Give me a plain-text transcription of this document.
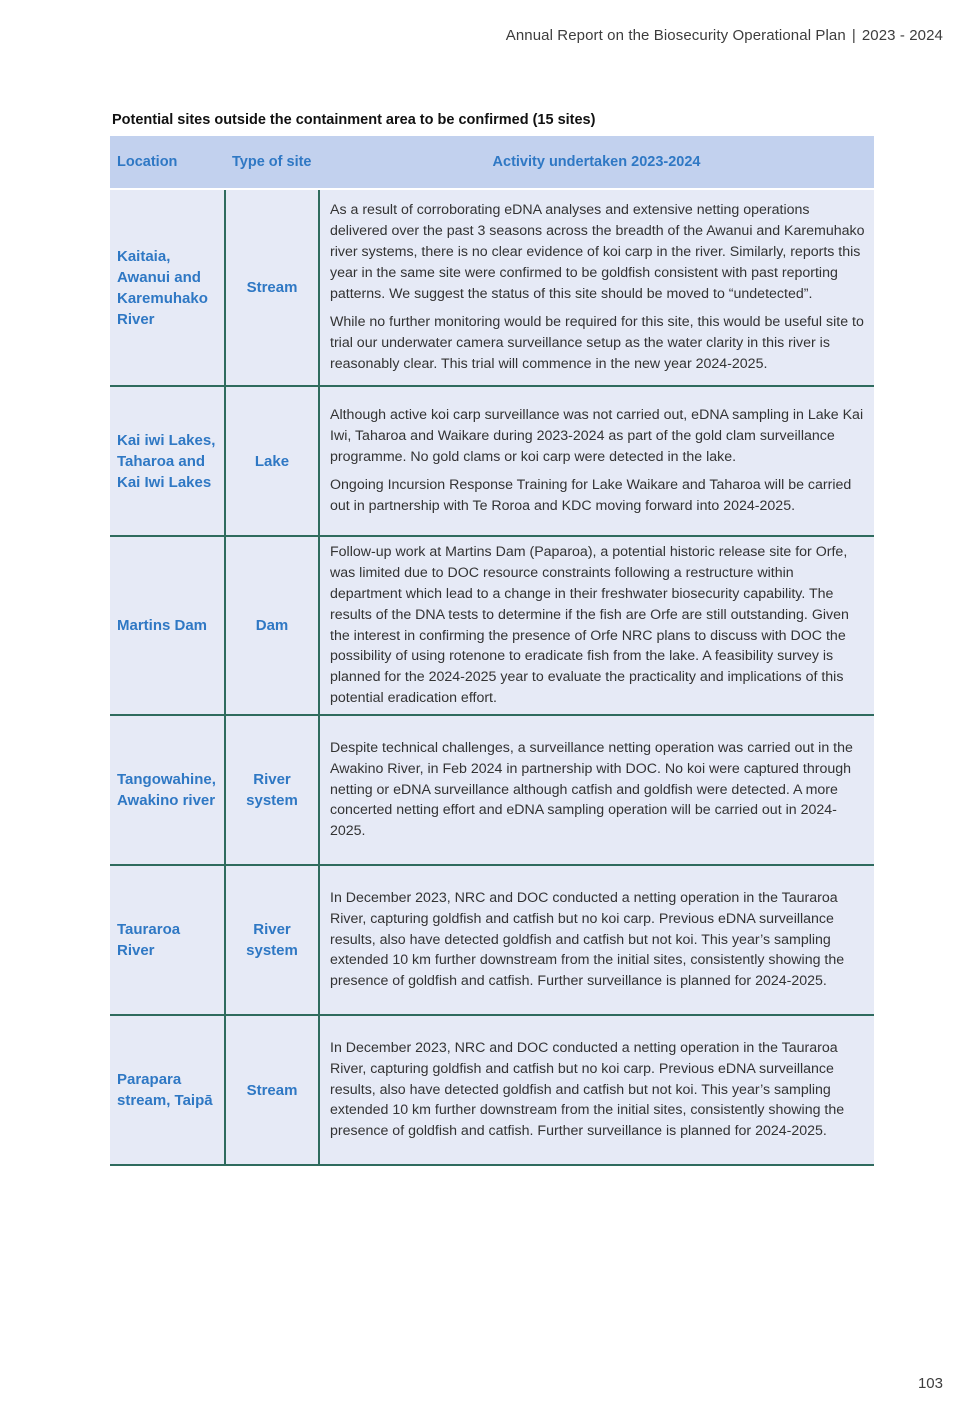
Annual Report on the Biosecurity Operational Plan | 2023 - 2024
Potential sites outside the containment area to be confirmed (15 sites)
Location	Type of site	Activity undertaken 2023-2024
Kaitaia, Awanui and Karemuhako River	Stream	As a result of corroborating eDNA analyses and extensive netting operations delivered over the past 3 seasons across the breadth of the Awanui and Karemuhako river systems, there is no clear evidence of koi carp in the river. Similarly, reports this year in the same site were confirmed to be goldfish consistent with past reporting patterns. We suggest the status of this site should be moved to “undetected”.

While no further monitoring would be required for this site, this would be useful site to trial our underwater camera surveillance setup as the water clarity in this river is reasonably clear. This trial will commence in the new year 2024-2025.

Kai iwi Lakes, Taharoa and Kai Iwi Lakes	Lake	Although active koi carp surveillance was not carried out, eDNA sampling in Lake Kai Iwi, Taharoa and Waikare during 2023-2024 as part of the gold clam surveillance programme. No gold clams or koi carp were detected in the lake.

Ongoing Incursion Response Training for Lake Waikare and Taharoa will be carried out in partnership with Te Roroa and KDC moving forward into 2024-2025.

Martins Dam	Dam	Follow-up work at Martins Dam (Paparoa), a potential historic release site for Orfe, was limited due to DOC resource constraints following a restructure within department which lead to a change in their freshwater biosecurity capability. The results of the DNA tests to determine if the fish are Orfe are still outstanding. Given the interest in confirming the presence of Orfe NRC plans to discuss with DOC the possibility of using rotenone to eradicate fish from the lake. A feasibility survey is planned for the 2024-2025 year to evaluate the practicality and implications of this potential eradication effort.

Tangowahine, Awakino river	River system	Despite technical challenges, a surveillance netting operation was carried out in the Awakino River, in Feb 2024 in partnership with DOC. No koi were captured through netting or eDNA surveillance although catfish and goldfish were detected. A more concerted netting effort and eDNA sampling operation will be carried out in 2024-2025.

Tauraroa River	River system	In December 2023, NRC and DOC conducted a netting operation in the Tauraroa River, capturing goldfish and catfish but no koi carp. Previous eDNA surveillance results, also have detected goldfish and catfish but not koi. This year’s sampling extended 10 km further downstream from the initial sites, consistently showing the presence of goldfish and catfish. Further surveillance is planned for 2024-2025.

Parapara stream, Taipā	Stream	In December 2023, NRC and DOC conducted a netting operation in the Tauraroa River, capturing goldfish and catfish but no koi carp. Previous eDNA surveillance results, also have detected goldfish and catfish but not koi. This year’s sampling extended 10 km further downstream from the initial sites, consistently showing the presence of goldfish and catfish. Further surveillance is planned for 2024-2025.

103
